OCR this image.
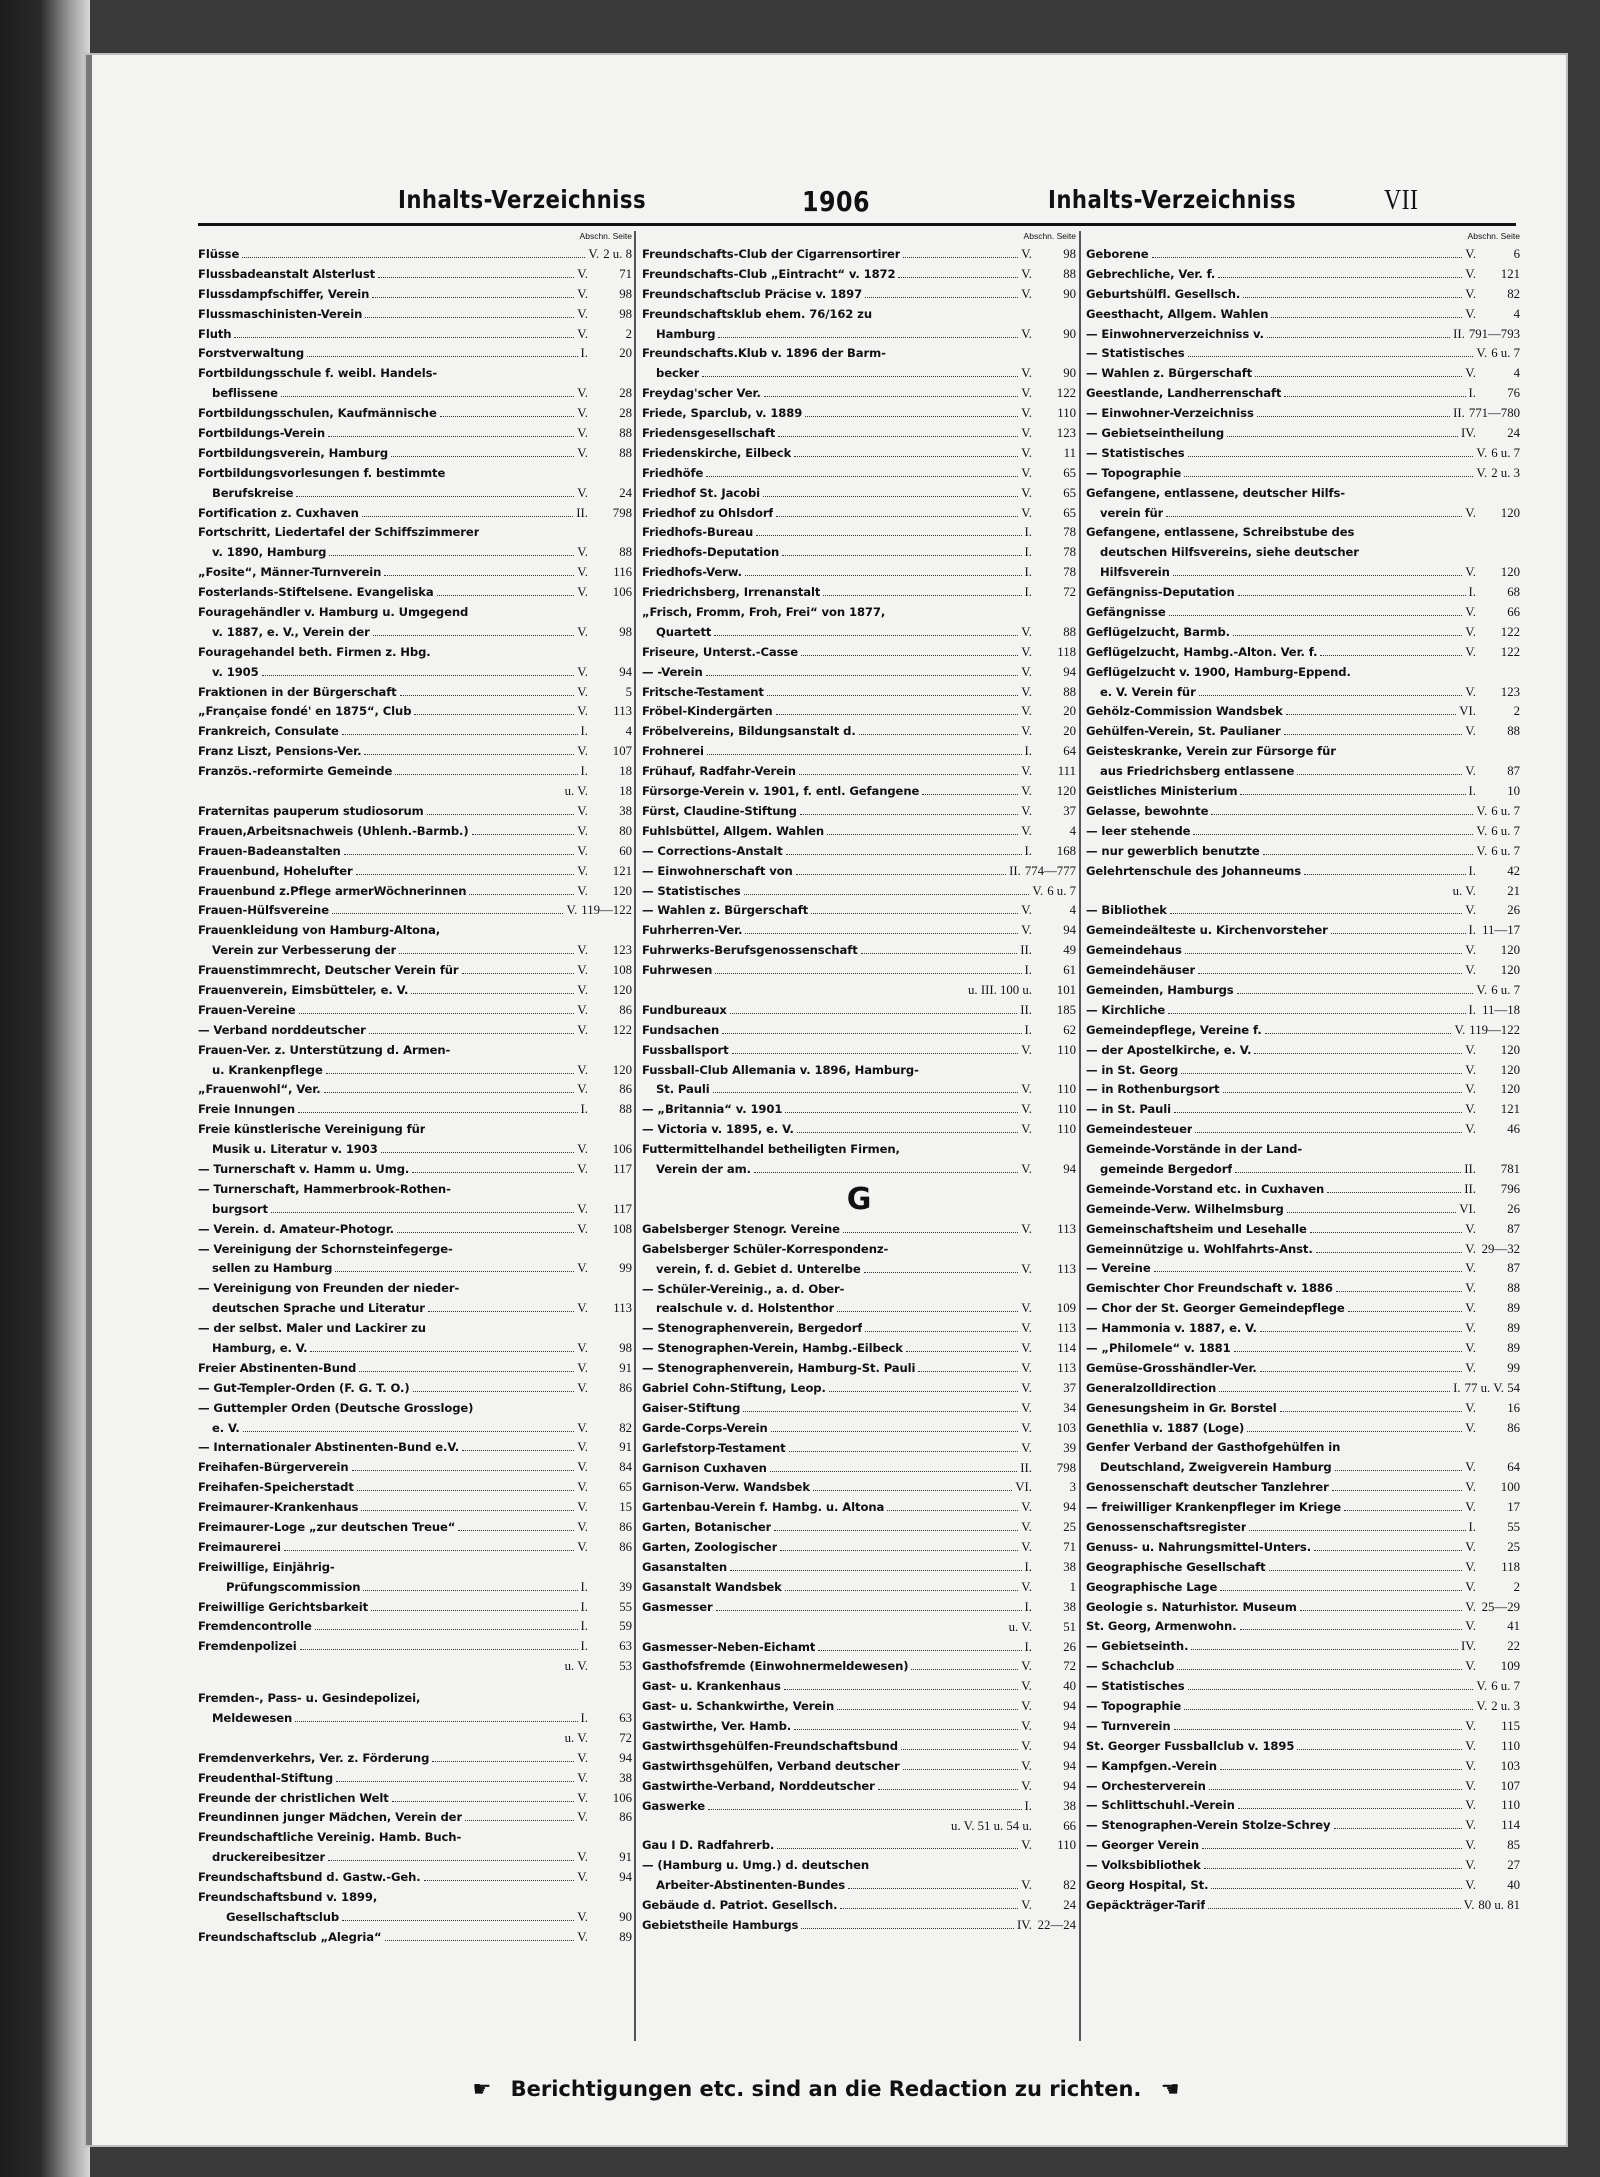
Inhalts-Verzeichniss	1906	Inhalts-Verzeichniss	VII
Abschn. Seite
Flüsse	V. 2 u. 8
Flussbadeanstalt Alsterlust	V.	71
Flussdampfschiffer, Verein	V.	98
Flussmaschinisten-Verein	V.	98
Fluth	V.	2
Forstverwaltung	I.	20
Fortbildungsschule f. weibl. Handels-
beflissene	V.	28
Fortbildungsschulen, Kaufmännische	V.	28
Fortbildungs-Verein	V.	88
Fortbildungsverein, Hamburg	V.	88
Fortbildungsvorlesungen f. bestimmte
Berufskreise	V.	24
Fortification z. Cuxhaven	II.	798
Fortschritt, Liedertafel der Schiffszimmerer
v. 1890, Hamburg	V.	88
„Fosite“, Männer-Turnverein	V.	116
Fosterlands-Stiftelsene. Evangeliska	V.	106
Fouragehändler v. Hamburg u. Umgegend
v. 1887, e. V., Verein der	V.	98
Fouragehandel beth. Firmen z. Hbg.
v. 1905	V.	94
Fraktionen in der Bürgerschaft	V.	5
„Française fondé' en 1875“, Club	V.	113
Frankreich, Consulate	I.	4
Franz Liszt, Pensions-Ver.	V.	107
Französ.-reformirte Gemeinde	I.	18
u. V.	18
Fraternitas pauperum studiosorum	V.	38
Frauen,Arbeitsnachweis (Uhlenh.-Barmb.)	V.	80
Frauen-Badeanstalten	V.	60
Frauenbund, Hohelufter	V.	121
Frauenbund z.Pflege armerWöchnerinnen	V.	120
Frauen-Hülfsvereine	V. 119—122
Frauenkleidung von Hamburg-Altona,
Verein zur Verbesserung der	V.	123
Frauenstimmrecht, Deutscher Verein für	V.	108
Frauenverein, Eimsbütteler, e. V.	V.	120
Frauen-Vereine	V.	86
— Verband norddeutscher	V.	122
Frauen-Ver. z. Unterstützung d. Armen-
u. Krankenpflege	V.	120
„Frauenwohl“, Ver.	V.	86
Freie Innungen	I.	88
Freie künstlerische Vereinigung für
Musik u. Literatur v. 1903	V.	106
— Turnerschaft v. Hamm u. Umg.	V.	117
— Turnerschaft, Hammerbrook-Rothen-
burgsort	V.	117
— Verein. d. Amateur-Photogr.	V.	108
— Vereinigung der Schornsteinfegerge-
sellen zu Hamburg	V.	99
— Vereinigung von Freunden der nieder-
deutschen Sprache und Literatur	V.	113
— der selbst. Maler und Lackirer zu
Hamburg, e. V.	V.	98
Freier Abstinenten-Bund	V.	91
— Gut-Templer-Orden (F. G. T. O.)	V.	86
— Guttempler Orden (Deutsche Grossloge)
e. V.	V.	82
— Internationaler Abstinenten-Bund e.V.	V.	91
Freihafen-Bürgerverein	V.	84
Freihafen-Speicherstadt	V.	65
Freimaurer-Krankenhaus	V.	15
Freimaurer-Loge „zur deutschen Treue“	V.	86
Freimaurerei	V.	86
Freiwillige, Einjährig-
Prüfungscommission	I.	39
Freiwillige Gerichtsbarkeit	I.	55
Fremdencontrolle	I.	59
Fremdenpolizei	I.	63
u. V.	53
Fremden-, Pass- u. Gesindepolizei,
Meldewesen	I.	63
u. V.	72
Fremdenverkehrs, Ver. z. Förderung	V.	94
Freudenthal-Stiftung	V.	38
Freunde der christlichen Welt	V.	106
Freundinnen junger Mädchen, Verein der	V.	86
Freundschaftliche Vereinig. Hamb. Buch-
druckereibesitzer	V.	91
Freundschaftsbund d. Gastw.-Geh.	V.	94
Freundschaftsbund v. 1899,
Gesellschaftsclub	V.	90
Freundschaftsclub „Alegria“	V.	89
Abschn. Seite
Freundschafts-Club der Cigarrensortirer	V.	98
Freundschafts-Club „Eintracht“ v. 1872	V.	88
Freundschaftsclub Präcise v. 1897	V.	90
Freundschaftsklub ehem. 76/162 zu
Hamburg	V.	90
Freundschafts.Klub v. 1896 der Barm-
becker	V.	90
Freydag'scher Ver.	V.	122
Friede, Sparclub, v. 1889	V.	110
Friedensgesellschaft	V.	123
Friedenskirche, Eilbeck	V.	11
Friedhöfe	V.	65
Friedhof St. Jacobi	V.	65
Friedhof zu Ohlsdorf	V.	65
Friedhofs-Bureau	I.	78
Friedhofs-Deputation	I.	78
Friedhofs-Verw.	I.	78
Friedrichsberg, Irrenanstalt	I.	72
„Frisch, Fromm, Froh, Frei“ von 1877,
Quartett	V.	88
Friseure, Unterst.-Casse	V.	118
— -Verein	V.	94
Fritsche-Testament	V.	88
Fröbel-Kindergärten	V.	20
Fröbelvereins, Bildungsanstalt d.	V.	20
Frohnerei	I.	64
Frühauf, Radfahr-Verein	V.	111
Fürsorge-Verein v. 1901, f. entl. Gefangene	V.	120
Fürst, Claudine-Stiftung	V.	37
Fuhlsbüttel, Allgem. Wahlen	V.	4
— Corrections-Anstalt	I.	168
— Einwohnerschaft von	II. 774—777
— Statistisches	V. 6 u. 7
— Wahlen z. Bürgerschaft	V.	4
Fuhrherren-Ver.	V.	94
Fuhrwerks-Berufsgenossenschaft	II.	49
Fuhrwesen	I.	61
u. III. 100 u.	101
Fundbureaux	II.	185
Fundsachen	I.	62
Fussballsport	V.	110
Fussball-Club Allemania v. 1896, Hamburg-
St. Pauli	V.	110
— „Britannia“ v. 1901	V.	110
— Victoria v. 1895, e. V.	V.	110
Futtermittelhandel betheiligten Firmen,
Verein der am.	V.	94
G
Gabelsberger Stenogr. Vereine	V.	113
Gabelsberger Schüler-Korrespondenz-
verein, f. d. Gebiet d. Unterelbe	V.	113
— Schüler-Vereinig., a. d. Ober-
realschule v. d. Holstenthor	V.	109
— Stenographenverein, Bergedorf	V.	113
— Stenographen-Verein, Hambg.-Eilbeck	V.	114
— Stenographenverein, Hamburg-St. Pauli	V.	113
Gabriel Cohn-Stiftung, Leop.	V.	37
Gaiser-Stiftung	V.	34
Garde-Corps-Verein	V.	103
Garlefstorp-Testament	V.	39
Garnison Cuxhaven	II.	798
Garnison-Verw. Wandsbek	VI.	3
Gartenbau-Verein f. Hambg. u. Altona	V.	94
Garten, Botanischer	V.	25
Garten, Zoologischer	V.	71
Gasanstalten	I.	38
Gasanstalt Wandsbek	V.	1
Gasmesser	I.	38
u. V.	51
Gasmesser-Neben-Eichamt	I.	26
Gasthofsfremde (Einwohnermeldewesen)	V.	72
Gast- u. Krankenhaus	V.	40
Gast- u. Schankwirthe, Verein	V.	94
Gastwirthe, Ver. Hamb.	V.	94
Gastwirthsgehülfen-Freundschaftsbund	V.	94
Gastwirthsgehülfen, Verband deutscher	V.	94
Gastwirthe-Verband, Norddeutscher	V.	94
Gaswerke	I.	38
u. V. 51 u. 54 u.	66
Gau I D. Radfahrerb.	V.	110
— (Hamburg u. Umg.) d. deutschen
Arbeiter-Abstinenten-Bundes	V.	82
Gebäude d. Patriot. Gesellsch.	V.	24
Gebietstheile Hamburgs	IV. 22—24
Abschn. Seite
Geborene	V.	6
Gebrechliche, Ver. f.	V.	121
Geburtshülfl. Gesellsch.	V.	82
Geesthacht, Allgem. Wahlen	V.	4
— Einwohnerverzeichniss v.	II. 791—793
— Statistisches	V. 6 u. 7
— Wahlen z. Bürgerschaft	V.	4
Geestlande, Landherrenschaft	I.	76
— Einwohner-Verzeichniss	II. 771—780
— Gebietseintheilung	IV.	24
— Statistisches	V. 6 u. 7
— Topographie	V. 2 u. 3
Gefangene, entlassene, deutscher Hilfs-
verein für	V.	120
Gefangene, entlassene, Schreibstube des
deutschen Hilfsvereins, siehe deutscher
Hilfsverein	V.	120
Gefängniss-Deputation	I.	68
Gefängnisse	V.	66
Geflügelzucht, Barmb.	V.	122
Geflügelzucht, Hambg.-Alton. Ver. f.	V.	122
Geflügelzucht v. 1900, Hamburg-Eppend.
e. V. Verein für	V.	123
Gehölz-Commission Wandsbek	VI.	2
Gehülfen-Verein, St. Paulianer	V.	88
Geisteskranke, Verein zur Fürsorge für
aus Friedrichsberg entlassene	V.	87
Geistliches Ministerium	I.	10
Gelasse, bewohnte	V. 6 u. 7
— leer stehende	V. 6 u. 7
— nur gewerblich benutzte	V. 6 u. 7
Gelehrtenschule des Johanneums	I.	42
u. V.	21
— Bibliothek	V.	26
Gemeindeälteste u. Kirchenvorsteher	I. 11—17
Gemeindehaus	V.	120
Gemeindehäuser	V.	120
Gemeinden, Hamburgs	V. 6 u. 7
— Kirchliche	I. 11—18
Gemeindepflege, Vereine f.	V. 119—122
— der Apostelkirche, e. V.	V.	120
— in St. Georg	V.	120
— in Rothenburgsort	V.	120
— in St. Pauli	V.	121
Gemeindesteuer	V.	46
Gemeinde-Vorstände in der Land-
gemeinde Bergedorf	II.	781
Gemeinde-Vorstand etc. in Cuxhaven	II.	796
Gemeinde-Verw. Wilhelmsburg	VI.	26
Gemeinschaftsheim und Lesehalle	V.	87
Gemeinnützige u. Wohlfahrts-Anst.	V. 29—32
— Vereine	V.	87
Gemischter Chor Freundschaft v. 1886	V.	88
— Chor der St. Georger Gemeindepflege	V.	89
— Hammonia v. 1887, e. V.	V.	89
— „Philomele“ v. 1881	V.	89
Gemüse-Grosshändler-Ver.	V.	99
Generalzolldirection	I. 77 u. V. 54
Genesungsheim in Gr. Borstel	V.	16
Genethlia v. 1887 (Loge)	V.	86
Genfer Verband der Gasthofgehülfen in
Deutschland, Zweigverein Hamburg	V.	64
Genossenschaft deutscher Tanzlehrer	V.	100
— freiwilliger Krankenpfleger im Kriege	V.	17
Genossenschaftsregister	I.	55
Genuss- u. Nahrungsmittel-Unters.	V.	25
Geographische Gesellschaft	V.	118
Geographische Lage	V.	2
Geologie s. Naturhistor. Museum	V. 25—29
St. Georg, Armenwohn.	V.	41
— Gebietseinth.	IV.	22
— Schachclub	V.	109
— Statistisches	V. 6 u. 7
— Topographie	V. 2 u. 3
— Turnverein	V.	115
St. Georger Fussballclub v. 1895	V.	110
— Kampfgen.-Verein	V.	103
— Orchesterverein	V.	107
— Schlittschuhl.-Verein	V.	110
— Stenographen-Verein Stolze-Schrey	V.	114
— Georger Verein	V.	85
— Volksbibliothek	V.	27
Georg Hospital, St.	V.	40
Gepäckträger-Tarif	V. 80 u. 81
☛ Berichtigungen etc. sind an die Redaction zu richten. ☚
